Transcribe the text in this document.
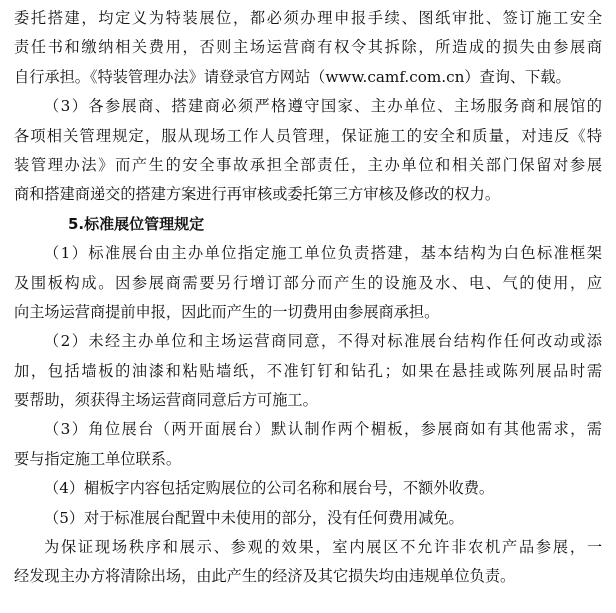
委托搭建，均定义为特装展位，都必须办理申报手续、图纸审批、签订施工安全
责任书和缴纳相关费用，否则主场运营商有权令其拆除，所造成的损失由参展商
自行承担。《特装管理办法》请登录官方网站（www.camf.com.cn）查询、下载。
（3）各参展商、搭建商必须严格遵守国家、主办单位、主场服务商和展馆的
各项相关管理规定，服从现场工作人员管理，保证施工的安全和质量，对违反《特
装管理办法》而产生的安全事故承担全部责任，主办单位和相关部门保留对参展
商和搭建商递交的搭建方案进行再审核或委托第三方审核及修改的权力。
5.标准展位管理规定
（1）标准展台由主办单位指定施工单位负责搭建，基本结构为白色标准框架
及围板构成。因参展商需要另行增订部分而产生的设施及水、电、气的使用，应
向主场运营商提前申报，因此而产生的一切费用由参展商承担。
（2）未经主办单位和主场运营商同意，不得对标准展台结构作任何改动或添
加，包括墙板的油漆和粘贴墙纸，不准钉钉和钻孔；如果在悬挂或陈列展品时需
要帮助，须获得主场运营商同意后方可施工。
（3）角位展台（两开面展台）默认制作两个楣板，参展商如有其他需求，需
要与指定施工单位联系。
（4）楣板字内容包括定购展位的公司名称和展台号，不额外收费。
（5）对于标准展台配置中未使用的部分，没有任何费用减免。
为保证现场秩序和展示、参观的效果，室内展区不允许非农机产品参展，一
经发现主办方将清除出场，由此产生的经济及其它损失均由违规单位负责。
